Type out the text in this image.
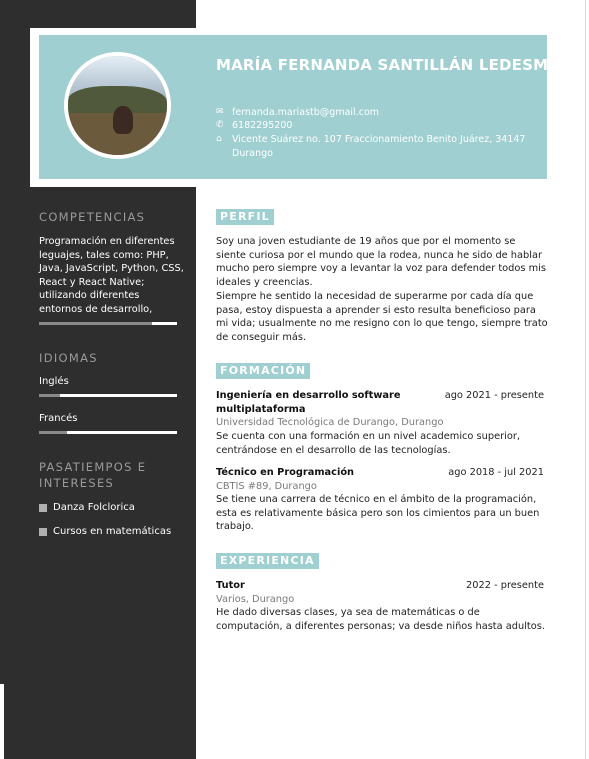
MARÍA FERNANDA SANTILLÁN LEDESMA
✉ fernanda.mariastb@gmail.com
✆ 6182295200
⌂	Vicente Suárez no. 107 Fraccionamiento Benito Juárez, 34147
Durango
COMPETENCIAS
Programación en diferentes leguajes, tales como: PHP, Java, JavaScript, Python, CSS, React y React Native; utilizando diferentes entornos de desarrollo,
IDIOMAS
Inglés
Francés
PASATIEMPOS E
INTERESES
Danza Folclorica
Cursos en matemáticas
PERFIL
Soy una joven estudiante de 19 años que por el momento se siente curiosa por el mundo que la rodea, nunca he sido de hablar mucho pero siempre voy a levantar la voz para defender todos mis ideales y creencias.
Siempre he sentido la necesidad de superarme por cada día que pasa, estoy dispuesta a aprender si esto resulta beneficioso para mi vida; usualmente no me resigno con lo que tengo, siempre trato de conseguir más.
FORMACIÓN
Ingeniería en desarrollo software multiplataforma
ago 2021 - presente
Universidad Tecnológica de Durango, Durango
Se cuenta con una formación en un nivel academico superior, centrándose en el desarrollo de las tecnologías.
Técnico en Programación	ago 2018 - jul 2021
CBTIS #89, Durango
Se tiene una carrera de técnico en el ámbito de la programación, esta es relativamente básica pero son los cimientos para un buen trabajo.
EXPERIENCIA
Tutor	2022 - presente
Varios, Durango
He dado diversas clases, ya sea de matemáticas o de computación, a diferentes personas; va desde niños hasta adultos.
